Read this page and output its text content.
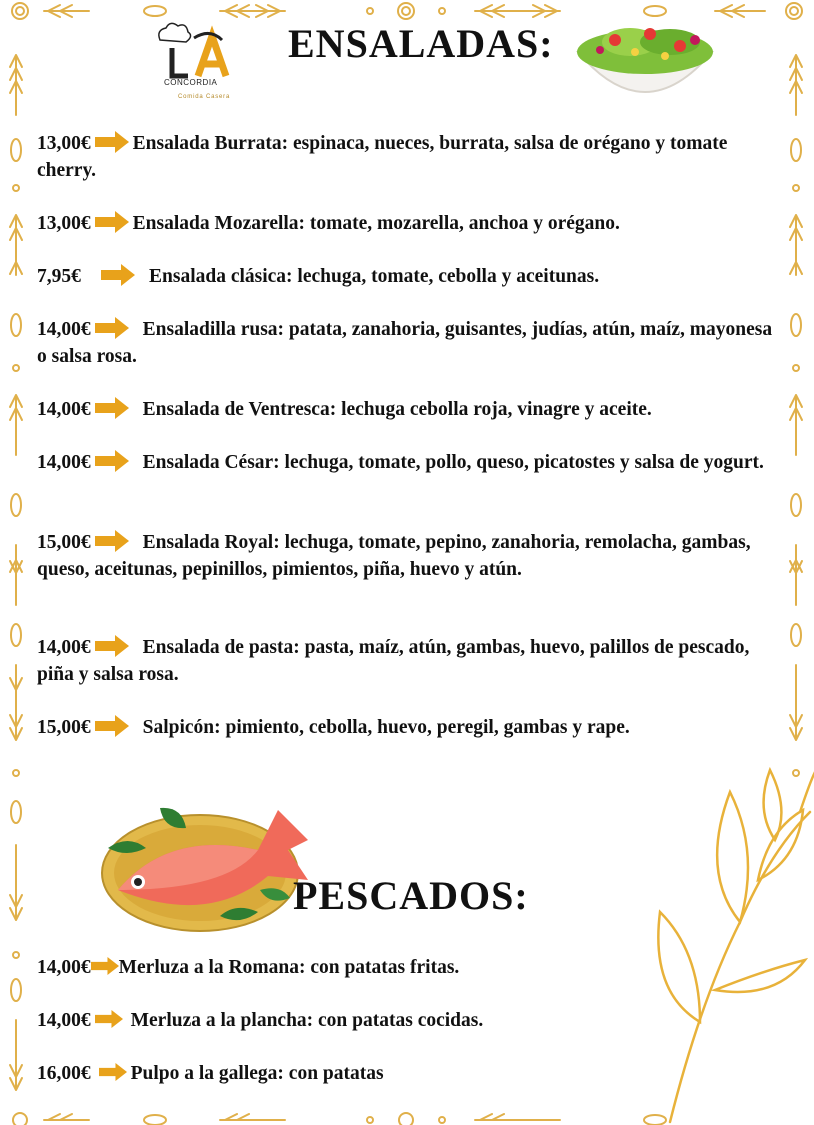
CONCORDIA
Comida Casera
ENSALADAS:
13,00€ Ensalada Burrata: espinaca, nueces, burrata, salsa de orégano y tomate cherry.
13,00€ Ensalada Mozarella: tomate, mozarella, anchoa y orégano.
7,95€	Ensalada clásica: lechuga, tomate, cebolla y aceitunas.
14,00€	Ensaladilla rusa: patata, zanahoria, guisantes, judías, atún, maíz, mayonesa o salsa rosa.
14,00€	Ensalada de Ventresca: lechuga cebolla roja, vinagre y aceite.
14,00€	Ensalada César: lechuga, tomate, pollo, queso, picatostes y salsa de yogurt.
15,00€	Ensalada Royal: lechuga, tomate, pepino, zanahoria, remolacha, gambas, queso, aceitunas, pepinillos, pimientos, piña, huevo y atún.
14,00€	Ensalada de pasta: pasta, maíz, atún, gambas, huevo, palillos de pescado, piña y salsa rosa.
15,00€	Salpicón: pimiento, cebolla, huevo, peregil, gambas y rape.
PESCADOS:
14,00€ Merluza a la Romana: con patatas fritas.
14,00€ Merluza a la plancha: con patatas cocidas.
16,00€ Pulpo a la gallega: con patatas
